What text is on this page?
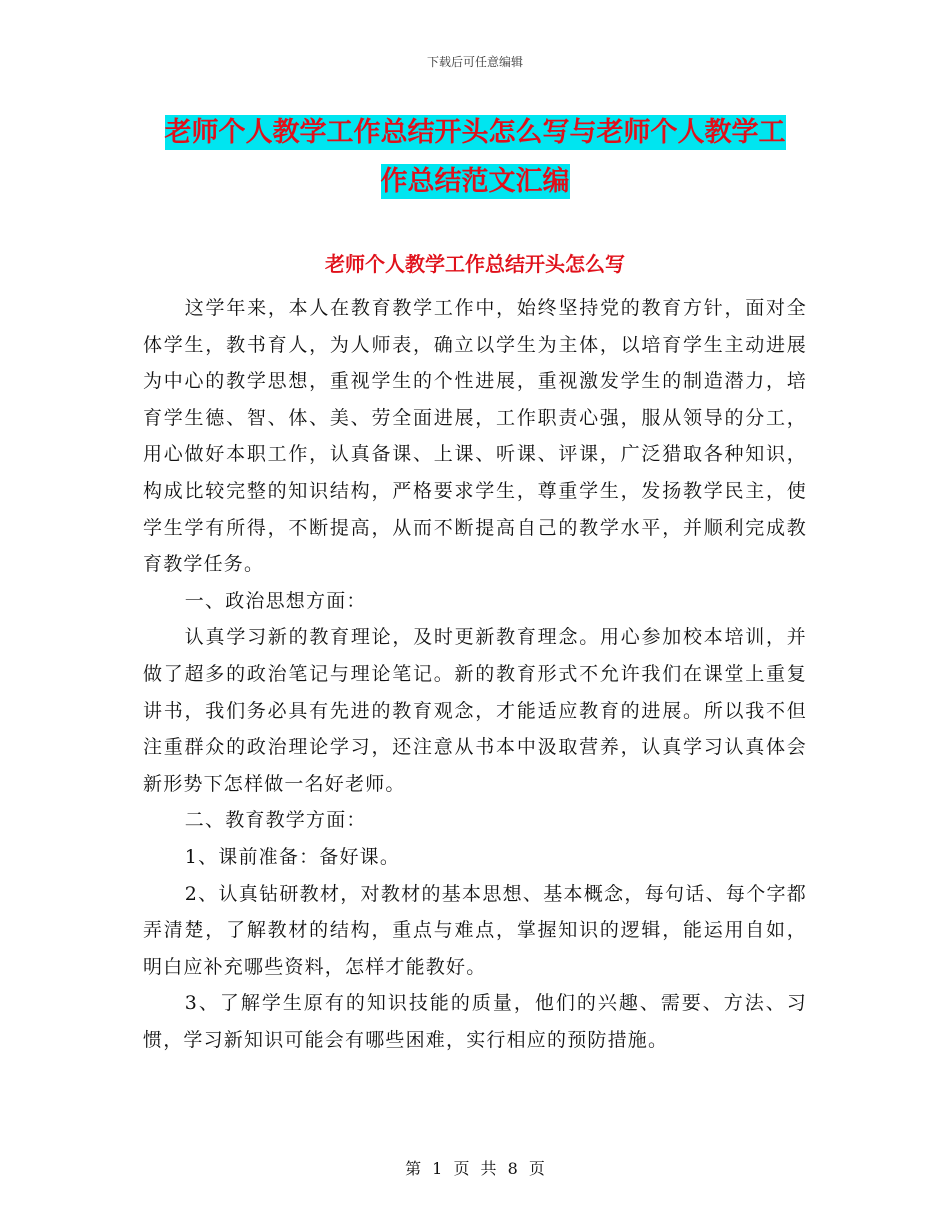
下载后可任意编辑
老师个人教学工作总结开头怎么写与老师个人教学工
作总结范文汇编
老师个人教学工作总结开头怎么写

这学年来，本人在教育教学工作中，始终坚持党的教育方针，面对全体学生，教书育人，为人师表，确立以学生为主体，以培育学生主动进展为中心的教学思想，重视学生的个性进展，重视激发学生的制造潜力，培育学生德、智、体、美、劳全面进展，工作职责心强，服从领导的分工，用心做好本职工作，认真备课、上课、听课、评课，广泛猎取各种知识，构成比较完整的知识结构，严格要求学生，尊重学生，发扬教学民主，使学生学有所得，不断提高，从而不断提高自己的教学水平，并顺利完成教育教学任务。

一、政治思想方面：

认真学习新的教育理论，及时更新教育理念。用心参加校本培训，并做了超多的政治笔记与理论笔记。新的教育形式不允许我们在课堂上重复讲书，我们务必具有先进的教育观念，才能适应教育的进展。所以我不但注重群众的政治理论学习，还注意从书本中汲取营养，认真学习认真体会新形势下怎样做一名好老师。

二、教育教学方面：

1、课前准备：备好课。

2、认真钻研教材，对教材的基本思想、基本概念，每句话、每个字都弄清楚，了解教材的结构，重点与难点，掌握知识的逻辑，能运用自如，明白应补充哪些资料，怎样才能教好。

3、了解学生原有的知识技能的质量，他们的兴趣、需要、方法、习惯，学习新知识可能会有哪些困难，实行相应的预防措施。

第 1 页 共 8 页
